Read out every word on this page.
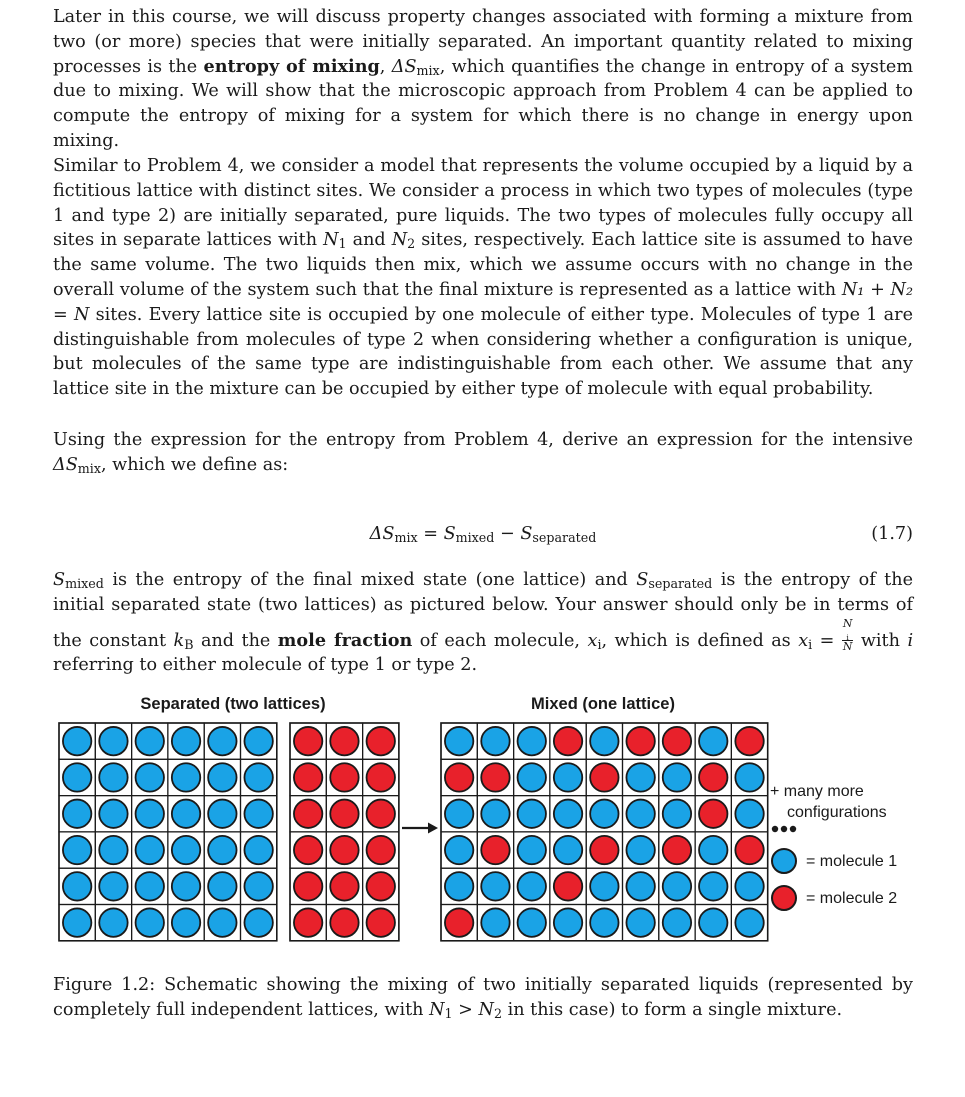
Later in this course, we will discuss property changes associated with forming a mixture from two (or more) species that were initially separated. An important quantity related to mixing processes is the entropy of mixing, $\Delta S_{mix}$, which quantifies the change in entropy of a system due to mixing. We will show that the microscopic approach from Problem 4 can be applied to compute the entropy of mixing for a system for which there is no change in energy upon mixing.

Similar to Problem 4, we consider a model that represents the volume occupied by a liquid by a fictitious lattice with distinct sites. We consider a process in which two types of molecules (type 1 and type 2) are initially separated, pure liquids. The two types of molecules fully occupy all sites in separate lattices with $N_1$ and $N_2$ sites, respectively. Each lattice site is assumed to have the same volume. The two liquids then mix, which we assume occurs with no change in the overall volume of the system such that the final mixture is represented as a lattice with N₁ + N₂ = N sites. Every lattice site is occupied by one molecule of either type. Molecules of type 1 are distinguishable from molecules of type 2 when considering whether a configuration is unique, but molecules of the same type are indistinguishable from each other. We assume that any lattice site in the mixture can be occupied by either type of molecule with equal probability.

Using the expression for the entropy from Problem 4, derive an expression for the intensive $\Delta S_{mix}$, which we define as:

$\Delta S_{mix} = S_{mixed} - S_{separated}$	(1.7)

$S_{mixed}$ is the entropy of the final mixed state (one lattice) and $S_{separated}$ is the entropy of the initial separated state (two lattices) as pictured below. Your answer should only be in terms of the constant $k_B$ and the mole fraction of each molecule, $x_i$, which is defined as $x_i = N$
$_i$
N with i referring to either molecule of type 1 or type 2.

Separated (two lattices)	Mixed (one lattice)
+ many more
configurations
= molecule 1
= molecule 2

Figure 1.2: Schematic showing the mixing of two initially separated liquids (represented by completely full independent lattices, with $N_1 > N_2$ in this case) to form a single mixture.
